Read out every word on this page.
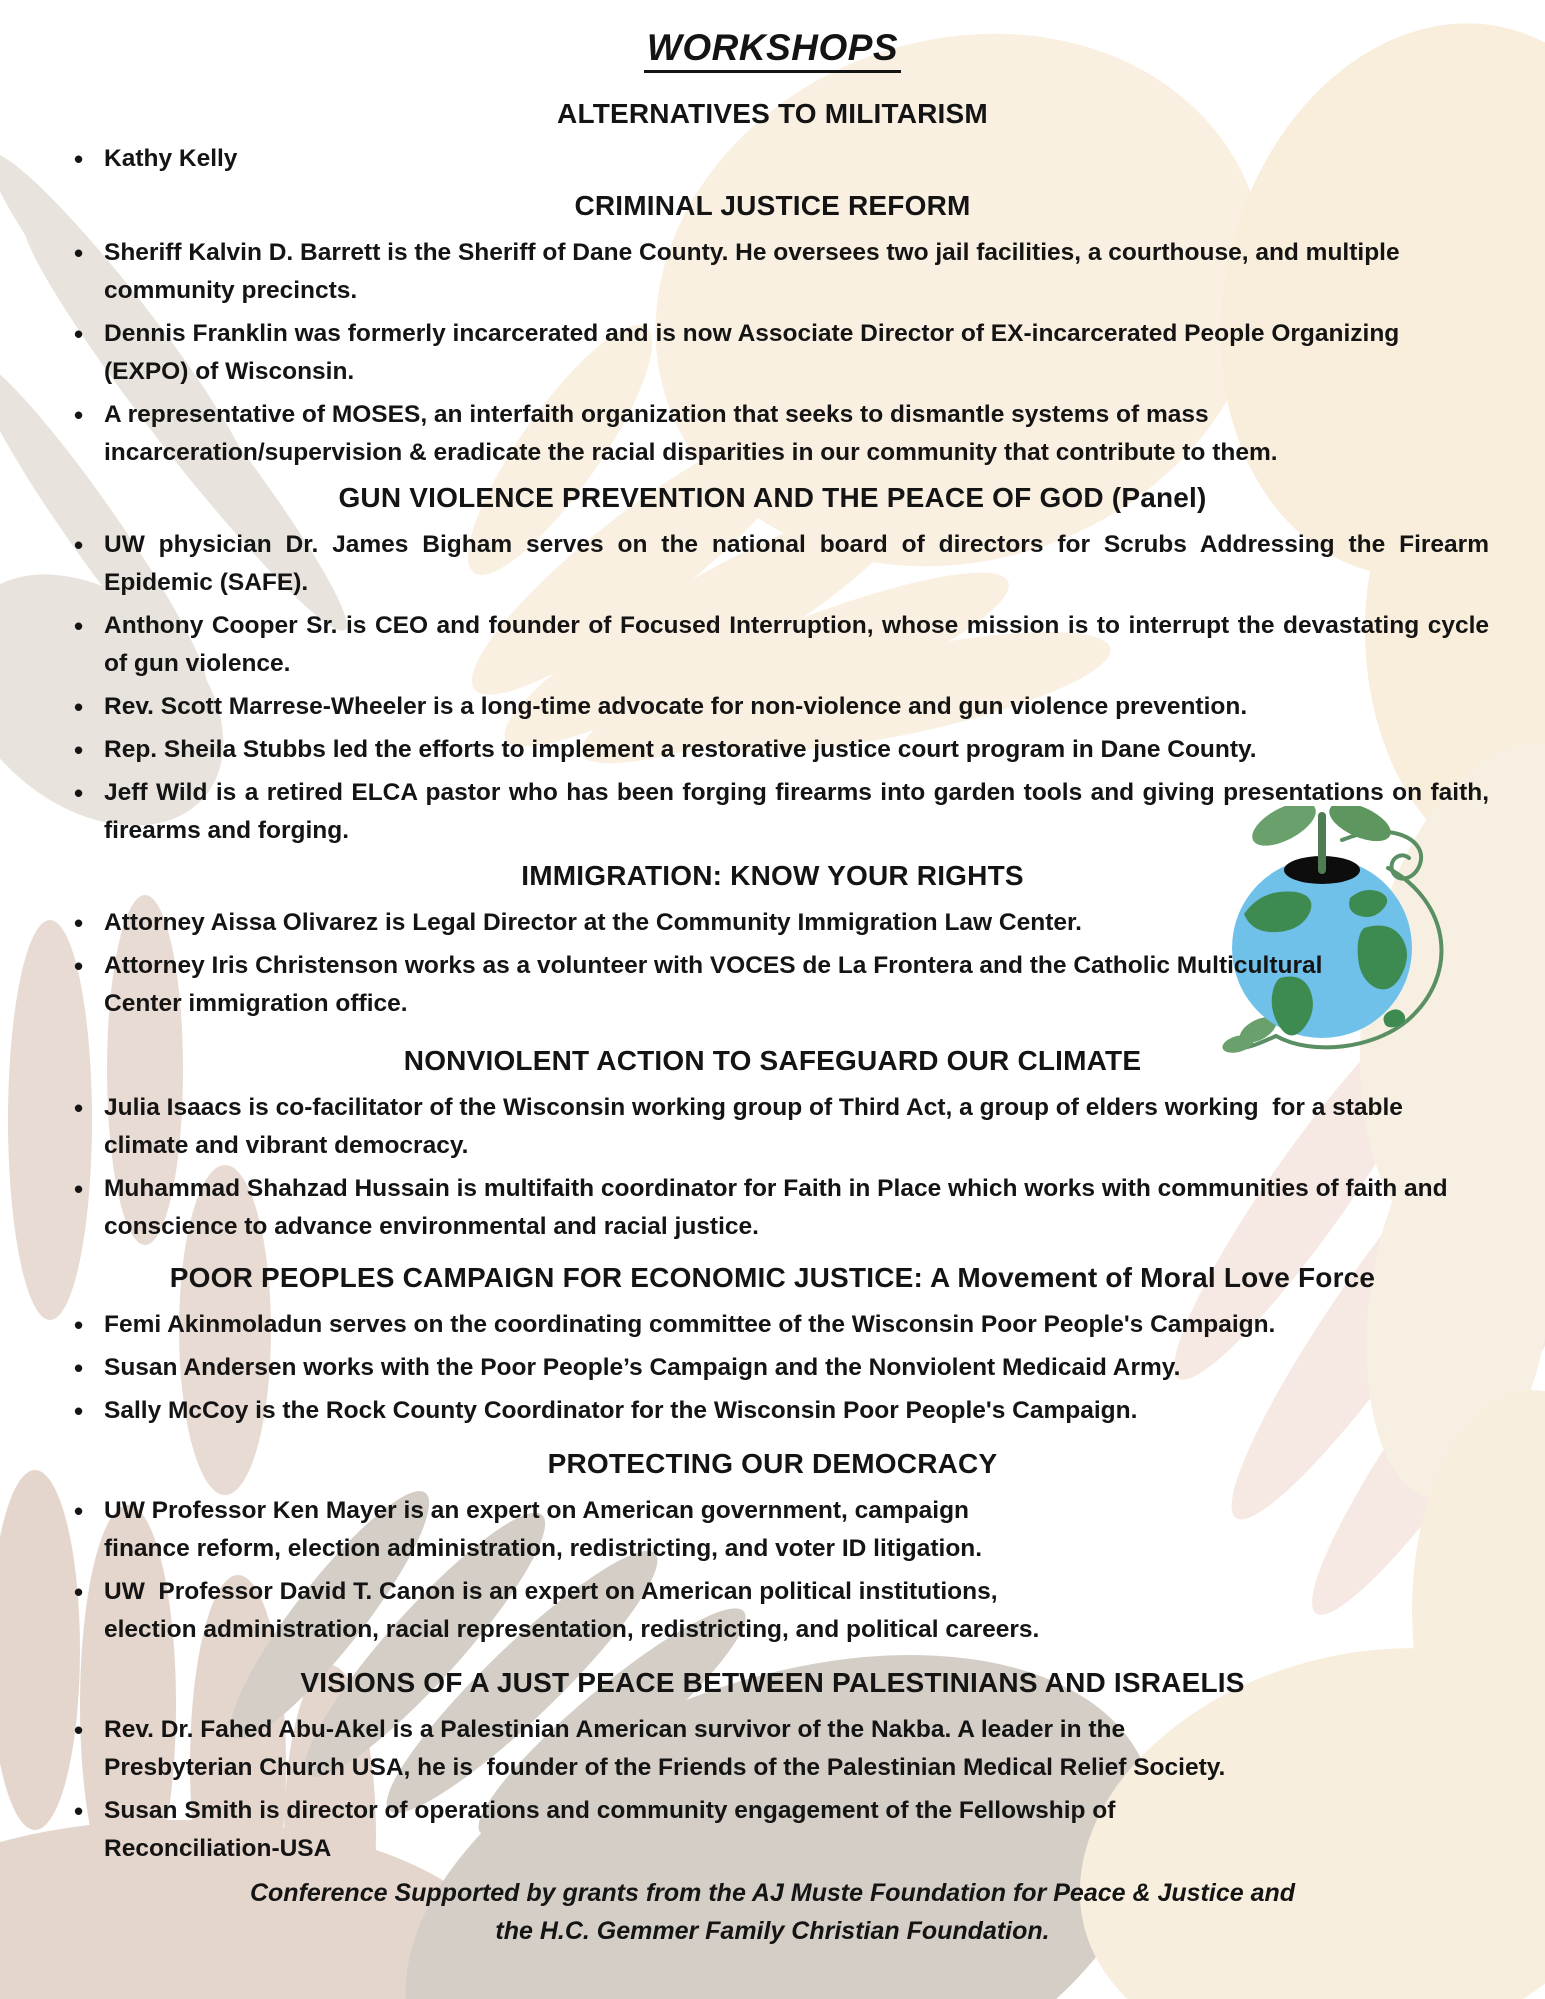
WORKSHOPS
ALTERNATIVES TO MILITARISM
• Kathy Kelly
CRIMINAL JUSTICE REFORM
• Sheriff Kalvin D. Barrett is the Sheriff of Dane County. He oversees two jail facilities, a courthouse, and multiple community precincts.
• Dennis Franklin was formerly incarcerated and is now Associate Director of EX-incarcerated People Organizing (EXPO) of Wisconsin.
• A representative of MOSES, an interfaith organization that seeks to dismantle systems of mass incarceration/supervision & eradicate the racial disparities in our community that contribute to them.
GUN VIOLENCE PREVENTION AND THE PEACE OF GOD (Panel)
• UW physician Dr. James Bigham serves on the national board of directors for Scrubs Addressing the Firearm Epidemic (SAFE).
• Anthony Cooper Sr. is CEO and founder of Focused Interruption, whose mission is to interrupt the devastating cycle of gun violence.
• Rev. Scott Marrese-Wheeler is a long-time advocate for non-violence and gun violence prevention.
• Rep. Sheila Stubbs led the efforts to implement a restorative justice court program in Dane County.
• Jeff Wild is a retired ELCA pastor who has been forging firearms into garden tools and giving presentations on faith, firearms and forging.
IMMIGRATION: KNOW YOUR RIGHTS
• Attorney Aissa Olivarez is Legal Director at the Community Immigration Law Center.
• Attorney Iris Christenson works as a volunteer with VOCES de La Frontera and the Catholic Multicultural Center immigration office.
NONVIOLENT ACTION TO SAFEGUARD OUR CLIMATE
• Julia Isaacs is co-facilitator of the Wisconsin working group of Third Act, a group of elders working  for a stable climate and vibrant democracy.
• Muhammad Shahzad Hussain is multifaith coordinator for Faith in Place which works with communities of faith and conscience to advance environmental and racial justice.
POOR PEOPLES CAMPAIGN FOR ECONOMIC JUSTICE: A Movement of Moral Love Force
• Femi Akinmoladun serves on the coordinating committee of the Wisconsin Poor People's Campaign.
• Susan Andersen works with the Poor People’s Campaign and the Nonviolent Medicaid Army.
• Sally McCoy is the Rock County Coordinator for the Wisconsin Poor People's Campaign.
PROTECTING OUR DEMOCRACY
• UW Professor Ken Mayer is an expert on American government, campaign finance reform, election administration, redistricting, and voter ID litigation.
• UW  Professor David T. Canon is an expert on American political institutions, election administration, racial representation, redistricting, and political careers.
VISIONS OF A JUST PEACE BETWEEN PALESTINIANS AND ISRAELIS
• Rev. Dr. Fahed Abu-Akel is a Palestinian American survivor of the Nakba. A leader in the Presbyterian Church USA, he is  founder of the Friends of the Palestinian Medical Relief Society.
• Susan Smith is director of operations and community engagement of the Fellowship of Reconciliation-USA

Conference Supported by grants from the AJ Muste Foundation for Peace & Justice and the H.C. Gemmer Family Christian Foundation.
